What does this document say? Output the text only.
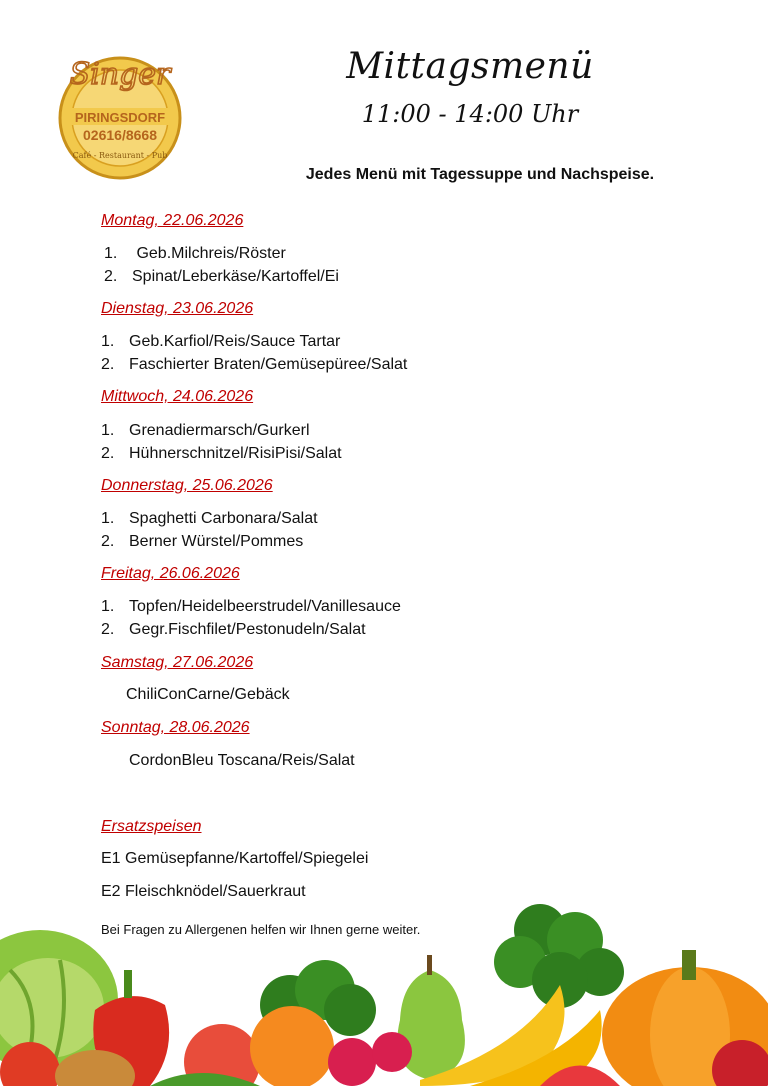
Singer
PIRINGSDORF
02616/8668
Café - Restaurant - Pub
Mittagsmenü
11:00 - 14:00 Uhr
Jedes Menü mit Tagessuppe und Nachspeise.
Montag, 22.06.2026
1. Geb.Milchreis/Röster
2. Spinat/Leberkäse/Kartoffel/Ei
Dienstag, 23.06.2026
1. Geb.Karfiol/Reis/Sauce Tartar
2. Faschierter Braten/Gemüsepüree/Salat
Mittwoch, 24.06.2026
1. Grenadiermarsch/Gurkerl
2. Hühnerschnitzel/RisiPisi/Salat
Donnerstag, 25.06.2026
1. Spaghetti Carbonara/Salat
2. Berner Würstel/Pommes
Freitag, 26.06.2026
1. Topfen/Heidelbeerstrudel/Vanillesauce
2. Gegr.Fischfilet/Pestonudeln/Salat
Samstag, 27.06.2026
ChiliConCarne/Gebäck
Sonntag, 28.06.2026
CordonBleu Toscana/Reis/Salat
Ersatzspeisen
E1 Gemüsepfanne/Kartoffel/Spiegelei
E2 Fleischknödel/Sauerkraut
Bei Fragen zu Allergenen helfen wir Ihnen gerne weiter.
